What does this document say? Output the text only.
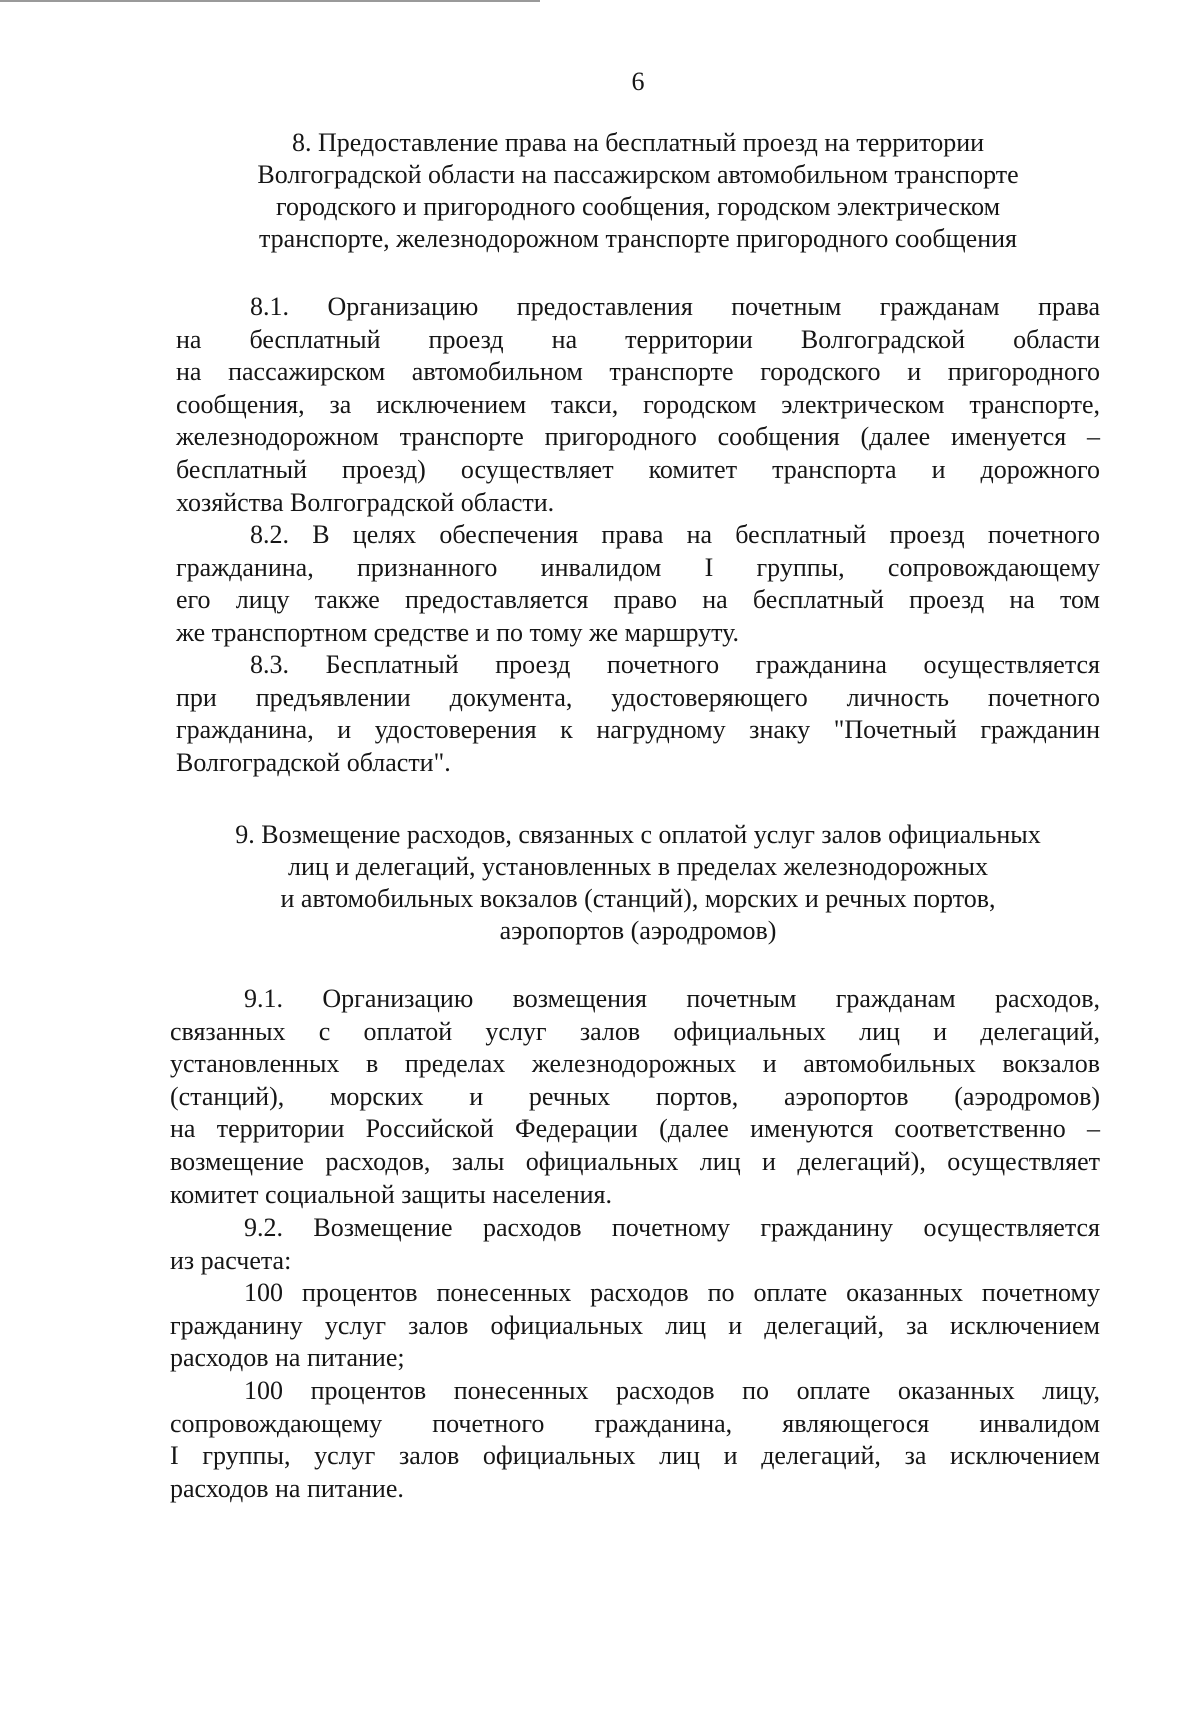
6
8. Предоставление права на бесплатный проезд на территории
Волгоградской области на пассажирском автомобильном транспорте
городского и пригородного сообщения, городском электрическом
транспорте, железнодорожном транспорте пригородного сообщения
8.1. Организацию предоставления почетным гражданам права
на бесплатный проезд на территории Волгоградской области
на пассажирском автомобильном транспорте городского и пригородного
сообщения, за исключением такси, городском электрическом транспорте,
железнодорожном транспорте пригородного сообщения (далее именуется –
бесплатный проезд) осуществляет комитет транспорта и дорожного
хозяйства Волгоградской области.
8.2. В целях обеспечения права на бесплатный проезд почетного
гражданина, признанного инвалидом I группы, сопровождающему
его лицу также предоставляется право на бесплатный проезд на том
же транспортном средстве и по тому же маршруту.
8.3. Бесплатный проезд почетного гражданина осуществляется
при предъявлении документа, удостоверяющего личность почетного
гражданина, и удостоверения к нагрудному знаку "Почетный гражданин
Волгоградской области".
9. Возмещение расходов, связанных с оплатой услуг залов официальных
лиц и делегаций, установленных в пределах железнодорожных
и автомобильных вокзалов (станций), морских и речных портов,
аэропортов (аэродромов)
9.1. Организацию возмещения почетным гражданам расходов,
связанных с оплатой услуг залов официальных лиц и делегаций,
установленных в пределах железнодорожных и автомобильных вокзалов
(станций), морских и речных портов, аэропортов (аэродромов)
на территории Российской Федерации (далее именуются соответственно –
возмещение расходов, залы официальных лиц и делегаций), осуществляет
комитет социальной защиты населения.
9.2. Возмещение расходов почетному гражданину осуществляется
из расчета:
100 процентов понесенных расходов по оплате оказанных почетному
гражданину услуг залов официальных лиц и делегаций, за исключением
расходов на питание;
100 процентов понесенных расходов по оплате оказанных лицу,
сопровождающему почетного гражданина, являющегося инвалидом
I группы, услуг залов официальных лиц и делегаций, за исключением
расходов на питание.
